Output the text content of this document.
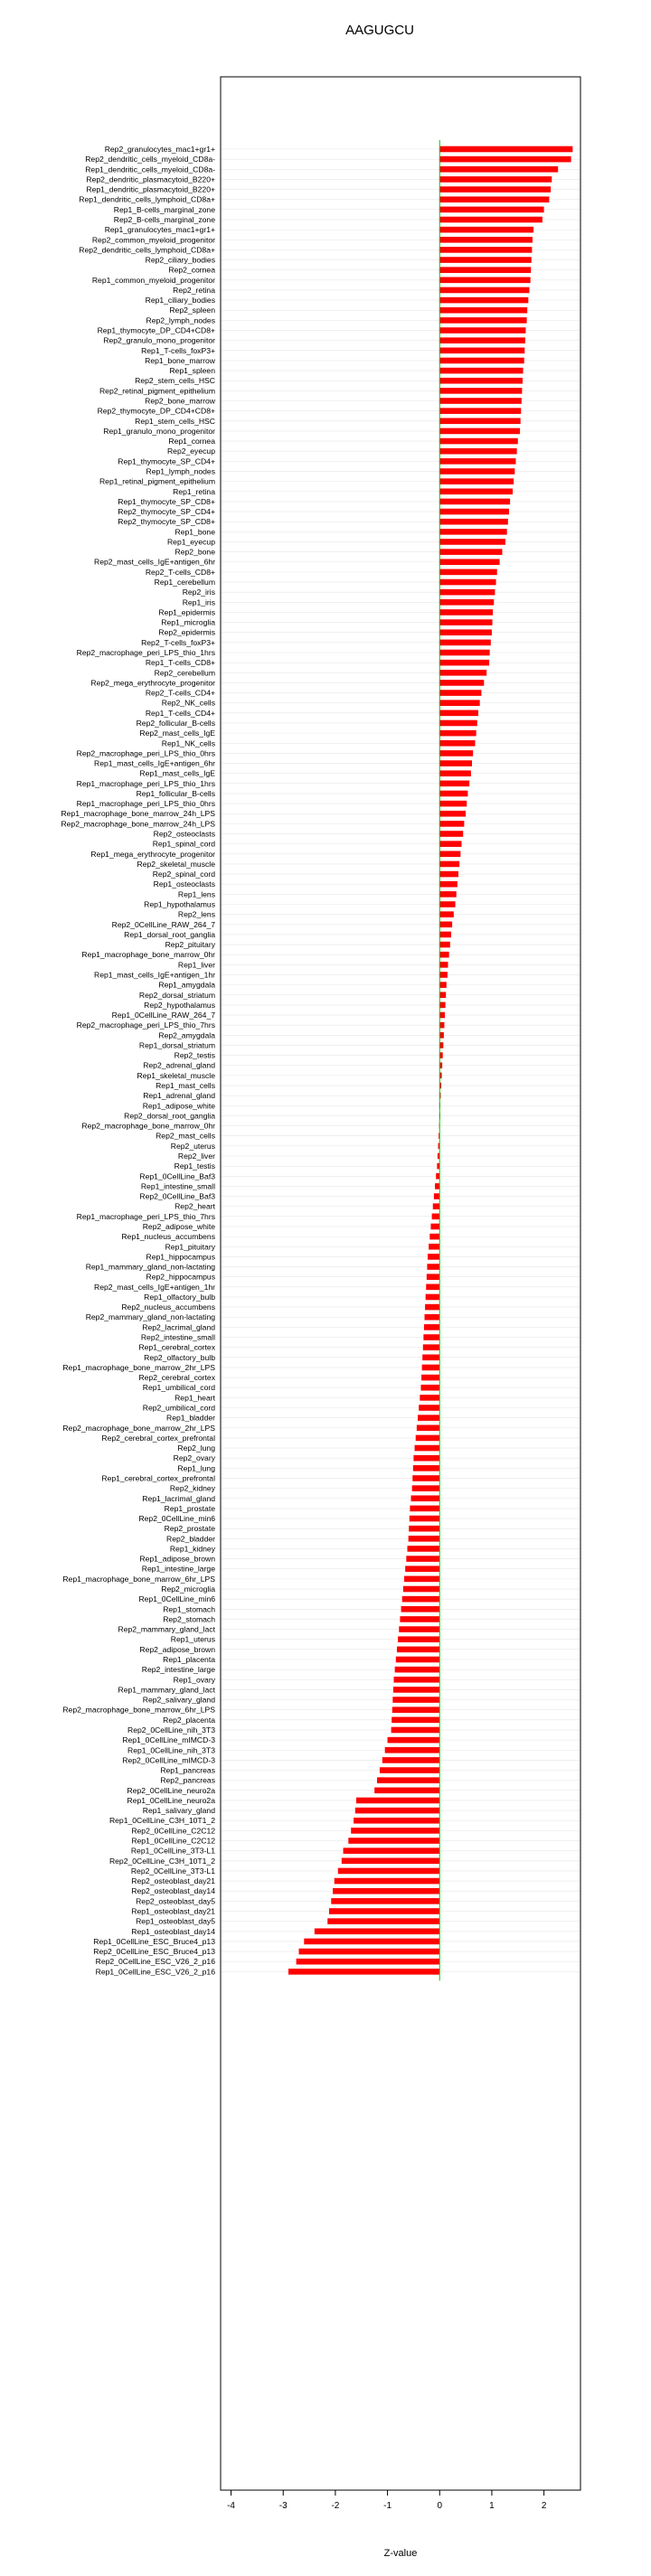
AAGUGCU
Rep2_granulocytes_mac1+gr1+
Rep2_dendritic_cells_myeloid_CD8a-
Rep1_dendritic_cells_myeloid_CD8a-
Rep2_dendritic_plasmacytoid_B220+
Rep1_dendritic_plasmacytoid_B220+
Rep1_dendritic_cells_lymphoid_CD8a+
Rep1_B-cells_marginal_zone
Rep2_B-cells_marginal_zone
Rep1_granulocytes_mac1+gr1+
Rep2_common_myeloid_progenitor
Rep2_dendritic_cells_lymphoid_CD8a+
Rep2_ciliary_bodies
Rep2_cornea
Rep1_common_myeloid_progenitor
Rep2_retina
Rep1_ciliary_bodies
Rep2_spleen
Rep2_lymph_nodes
Rep1_thymocyte_DP_CD4+CD8+
Rep2_granulo_mono_progenitor
Rep1_T-cells_foxP3+
Rep1_bone_marrow
Rep1_spleen
Rep2_stem_cells_HSC
Rep2_retinal_pigment_epithelium
Rep2_bone_marrow
Rep2_thymocyte_DP_CD4+CD8+
Rep1_stem_cells_HSC
Rep1_granulo_mono_progenitor
Rep1_cornea
Rep2_eyecup
Rep1_thymocyte_SP_CD4+
Rep1_lymph_nodes
Rep1_retinal_pigment_epithelium
Rep1_retina
Rep1_thymocyte_SP_CD8+
Rep2_thymocyte_SP_CD4+
Rep2_thymocyte_SP_CD8+
Rep1_bone
Rep1_eyecup
Rep2_bone
Rep2_mast_cells_IgE+antigen_6hr
Rep2_T-cells_CD8+
Rep1_cerebellum
Rep2_iris
Rep1_iris
Rep1_epidermis
Rep1_microglia
Rep2_epidermis
Rep2_T-cells_foxP3+
Rep2_macrophage_peri_LPS_thio_1hrs
Rep1_T-cells_CD8+
Rep2_cerebellum
Rep2_mega_erythrocyte_progenitor
Rep2_T-cells_CD4+
Rep2_NK_cells
Rep1_T-cells_CD4+
Rep2_follicular_B-cells
Rep2_mast_cells_IgE
Rep1_NK_cells
Rep2_macrophage_peri_LPS_thio_0hrs
Rep1_mast_cells_IgE+antigen_6hr
Rep1_mast_cells_IgE
Rep1_macrophage_peri_LPS_thio_1hrs
Rep1_follicular_B-cells
Rep1_macrophage_peri_LPS_thio_0hrs
Rep1_macrophage_bone_marrow_24h_LPS
Rep2_macrophage_bone_marrow_24h_LPS
Rep2_osteoclasts
Rep1_spinal_cord
Rep1_mega_erythrocyte_progenitor
Rep2_skeletal_muscle
Rep2_spinal_cord
Rep1_osteoclasts
Rep1_lens
Rep1_hypothalamus
Rep2_lens
Rep2_0CellLine_RAW_264_7
Rep1_dorsal_root_ganglia
Rep2_pituitary
Rep1_macrophage_bone_marrow_0hr
Rep1_liver
Rep1_mast_cells_IgE+antigen_1hr
Rep1_amygdala
Rep2_dorsal_striatum
Rep2_hypothalamus
Rep1_0CellLine_RAW_264_7
Rep2_macrophage_peri_LPS_thio_7hrs
Rep2_amygdala
Rep1_dorsal_striatum
Rep2_testis
Rep2_adrenal_gland
Rep1_skeletal_muscle
Rep1_mast_cells
Rep1_adrenal_gland
Rep1_adipose_white
Rep2_dorsal_root_ganglia
Rep2_macrophage_bone_marrow_0hr
Rep2_mast_cells
Rep2_uterus
Rep2_liver
Rep1_testis
Rep1_0CellLine_Baf3
Rep1_intestine_small
Rep2_0CellLine_Baf3
Rep2_heart
Rep1_macrophage_peri_LPS_thio_7hrs
Rep2_adipose_white
Rep1_nucleus_accumbens
Rep1_pituitary
Rep1_hippocampus
Rep1_mammary_gland_non-lactating
Rep2_hippocampus
Rep2_mast_cells_IgE+antigen_1hr
Rep1_olfactory_bulb
Rep2_nucleus_accumbens
Rep2_mammary_gland_non-lactating
Rep2_lacrimal_gland
Rep2_intestine_small
Rep1_cerebral_cortex
Rep2_olfactory_bulb
Rep1_macrophage_bone_marrow_2hr_LPS
Rep2_cerebral_cortex
Rep1_umbilical_cord
Rep1_heart
Rep2_umbilical_cord
Rep1_bladder
Rep2_macrophage_bone_marrow_2hr_LPS
Rep2_cerebral_cortex_prefrontal
Rep2_lung
Rep2_ovary
Rep1_lung
Rep1_cerebral_cortex_prefrontal
Rep2_kidney
Rep1_lacrimal_gland
Rep1_prostate
Rep2_0CellLine_min6
Rep2_prostate
Rep2_bladder
Rep1_kidney
Rep1_adipose_brown
Rep1_intestine_large
Rep1_macrophage_bone_marrow_6hr_LPS
Rep2_microglia
Rep1_0CellLine_min6
Rep1_stomach
Rep2_stomach
Rep2_mammary_gland_lact
Rep1_uterus
Rep2_adipose_brown
Rep1_placenta
Rep2_intestine_large
Rep1_ovary
Rep1_mammary_gland_lact
Rep2_salivary_gland
Rep2_macrophage_bone_marrow_6hr_LPS
Rep2_placenta
Rep2_0CellLine_nih_3T3
Rep1_0CellLine_mIMCD-3
Rep1_0CellLine_nih_3T3
Rep2_0CellLine_mIMCD-3
Rep1_pancreas
Rep2_pancreas
Rep2_0CellLine_neuro2a
Rep1_0CellLine_neuro2a
Rep1_salivary_gland
Rep1_0CellLine_C3H_10T1_2
Rep2_0CellLine_C2C12
Rep1_0CellLine_C2C12
Rep1_0CellLine_3T3-L1
Rep2_0CellLine_C3H_10T1_2
Rep2_0CellLine_3T3-L1
Rep2_osteoblast_day21
Rep2_osteoblast_day14
Rep2_osteoblast_day5
Rep1_osteoblast_day21
Rep1_osteoblast_day5
Rep1_osteoblast_day14
Rep1_0CellLine_ESC_Bruce4_p13
Rep2_0CellLine_ESC_Bruce4_p13
Rep2_0CellLine_ESC_V26_2_p16
Rep1_0CellLine_ESC_V26_2_p16
-4	-3	-2	-1	0	1	2
Z-value
